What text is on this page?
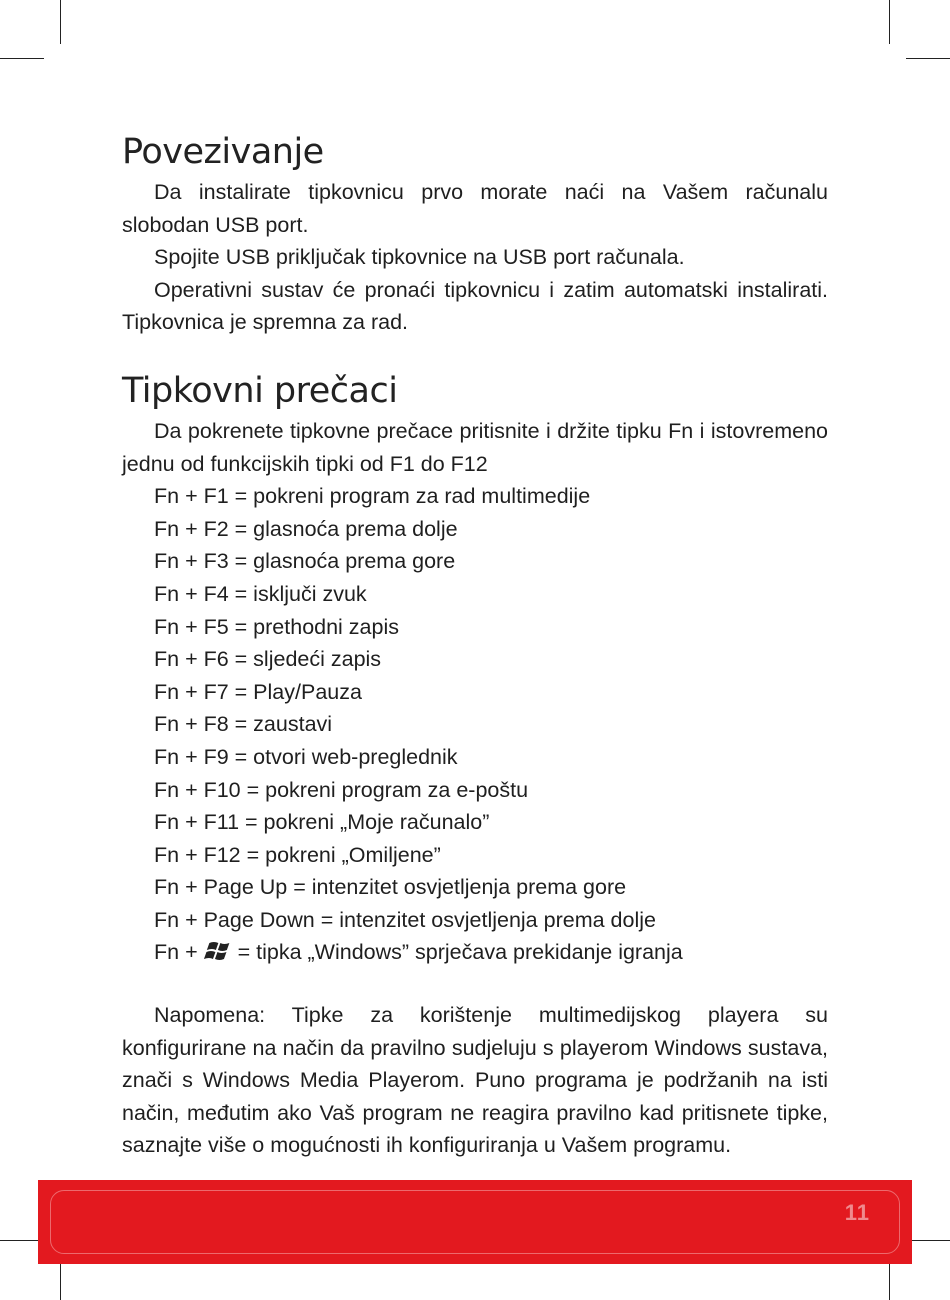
Povezivanje

Da instalirate tipkovnicu prvo morate naći na Vašem računalu slobodan USB port.

Spojite USB priključak tipkovnice na USB port računala.

Operativni sustav će pronaći tipkovnicu i zatim automatski instalirati. Tipkovnica je spremna za rad.

Tipkovni prečaci

Da pokrenete tipkovne prečace pritisnite i držite tipku Fn i istovremeno jednu od funkcijskih tipki od F1 do F12

Fn + F1 = pokreni program za rad multimedije
Fn + F2 = glasnoća prema dolje
Fn + F3 = glasnoća prema gore
Fn + F4 = isključi zvuk
Fn + F5 = prethodni zapis
Fn + F6 = sljedeći zapis
Fn + F7 = Play/Pauza
Fn + F8 = zaustavi
Fn + F9 = otvori web-preglednik
Fn + F10 = pokreni program za e-poštu
Fn + F11 = pokreni „Moje računalo”
Fn + F12 = pokreni „Omiljene”
Fn + Page Up = intenzitet osvjetljenja prema gore
Fn + Page Down = intenzitet osvjetljenja prema dolje
Fn + = tipka „Windows” sprječava prekidanje igranja

Napomena: Tipke za korištenje multimedijskog playera su konfigurirane na način da pravilno sudjeluju s playerom Windows sustava, znači s Windows Media Playerom. Puno programa je podržanih na isti način, međutim ako Vaš program ne reagira pravilno kad pritisnete tipke, saznajte više o mogućnosti ih konfiguriranja u Vašem programu.

11
